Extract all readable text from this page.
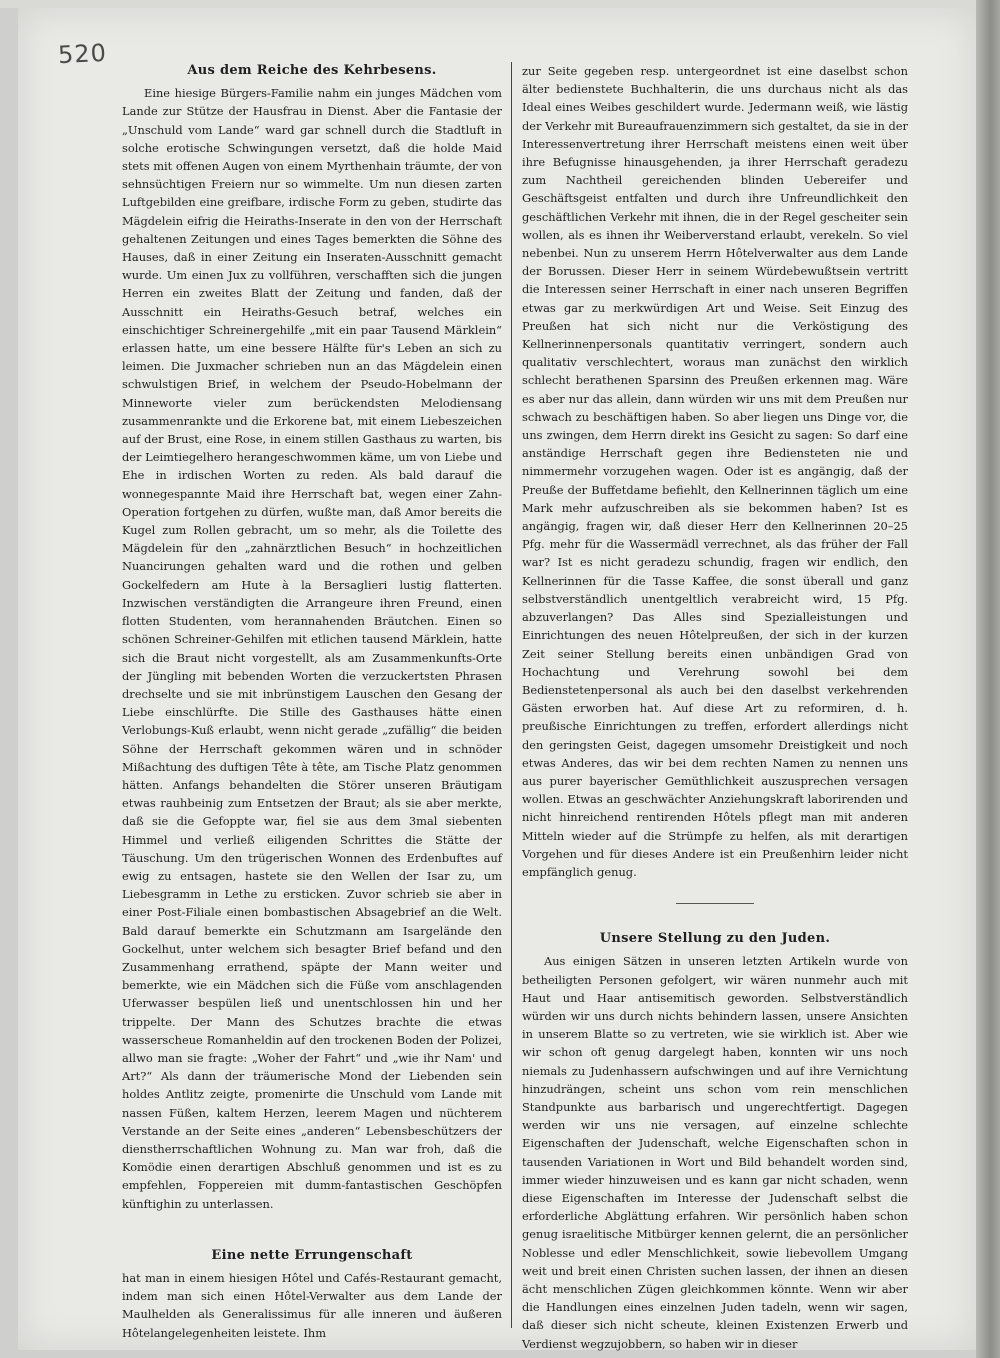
520
Aus dem Reiche des Kehrbesens.

Eine hiesige Bürgers-Familie nahm ein junges Mädchen vom Lande zur Stütze der Hausfrau in Dienst. Aber die Fantasie der „Unschuld vom Lande“ ward gar schnell durch die Stadtluft in solche erotische Schwingungen versetzt, daß die holde Maid stets mit offenen Augen von einem Myrthenhain träumte, der von sehnsüchtigen Freiern nur so wimmelte. Um nun diesen zarten Luftgebilden eine greifbare, irdische Form zu geben, studirte das Mägdelein eifrig die Heiraths-Inserate in den von der Herrschaft gehaltenen Zeitungen und eines Tages bemerkten die Söhne des Hauses, daß in einer Zeitung ein Inseraten-Ausschnitt gemacht wurde. Um einen Jux zu vollführen, verschafften sich die jungen Herren ein zweites Blatt der Zeitung und fanden, daß der Ausschnitt ein Heiraths-Gesuch betraf, welches ein einschichtiger Schreinergehilfe „mit ein paar Tausend Märklein“ erlassen hatte, um eine bessere Hälfte für's Leben an sich zu leimen. Die Juxmacher schrieben nun an das Mägdelein einen schwulstigen Brief, in welchem der Pseudo-Hobelmann der Minneworte vieler zum berückendsten Melodiensang zusammenrankte und die Erkorene bat, mit einem Liebeszeichen auf der Brust, eine Rose, in einem stillen Gasthaus zu warten, bis der Leimtiegelhero herangeschwommen käme, um von Liebe und Ehe in irdischen Worten zu reden. Als bald darauf die wonnegespannte Maid ihre Herrschaft bat, wegen einer Zahn-Operation fortgehen zu dürfen, wußte man, daß Amor bereits die Kugel zum Rollen gebracht, um so mehr, als die Toilette des Mägdelein für den „zahnärztlichen Besuch“ in hochzeitlichen Nuancirungen gehalten ward und die rothen und gelben Gockelfedern am Hute à la Bersaglieri lustig flatterten. Inzwischen verständigten die Arrangeure ihren Freund, einen flotten Studenten, vom herannahenden Bräutchen. Einen so schönen Schreiner-Gehilfen mit etlichen tausend Märklein, hatte sich die Braut nicht vorgestellt, als am Zusammenkunfts-Orte der Jüngling mit bebenden Worten die verzuckertsten Phrasen drechselte und sie mit inbrünstigem Lauschen den Gesang der Liebe einschlürfte. Die Stille des Gasthauses hätte einen Verlobungs-Kuß erlaubt, wenn nicht gerade „zufällig“ die beiden Söhne der Herrschaft gekommen wären und in schnöder Mißachtung des duftigen Tête à tête, am Tische Platz genommen hätten. Anfangs behandelten die Störer unseren Bräutigam etwas rauhbeinig zum Entsetzen der Braut; als sie aber merkte, daß sie die Gefoppte war, fiel sie aus dem 3mal siebenten Himmel und verließ eiligenden Schrittes die Stätte der Täuschung. Um den trügerischen Wonnen des Erdenbuftes auf ewig zu entsagen, hastete sie den Wellen der Isar zu, um Liebesgramm in Lethe zu ersticken. Zuvor schrieb sie aber in einer Post-Filiale einen bombastischen Absagebrief an die Welt. Bald darauf bemerkte ein Schutzmann am Isargelände den Gockelhut, unter welchem sich besagter Brief befand und den Zusammenhang errathend, späpte der Mann weiter und bemerkte, wie ein Mädchen sich die Füße vom anschlagenden Uferwasser bespülen ließ und unentschlossen hin und her trippelte. Der Mann des Schutzes brachte die etwas wasserscheue Romanheldin auf den trockenen Boden der Polizei, allwo man sie fragte: „Woher der Fahrt“ und „wie ihr Nam' und Art?“ Als dann der träumerische Mond der Liebenden sein holdes Antlitz zeigte, promenirte die Unschuld vom Lande mit nassen Füßen, kaltem Herzen, leerem Magen und nüchterem Verstande an der Seite eines „anderen“ Lebensbeschützers der dienstherrschaftlichen Wohnung zu. Man war froh, daß die Komödie einen derartigen Abschluß genommen und ist es zu empfehlen, Foppereien mit dumm-fantastischen Geschöpfen künftighin zu unterlassen.

Eine nette Errungenschaft

hat man in einem hiesigen Hôtel und Cafés-Restaurant gemacht, indem man sich einen Hôtel-Verwalter aus dem Lande der Maulhelden als Generalissimus für alle inneren und äußeren Hôtelangelegenheiten leistete. Ihm

zur Seite gegeben resp. untergeordnet ist eine daselbst schon älter bedienstete Buchhalterin, die uns durchaus nicht als das Ideal eines Weibes geschildert wurde. Jedermann weiß, wie lästig der Verkehr mit Bureaufrauenzimmern sich gestaltet, da sie in der Interessenvertretung ihrer Herrschaft meistens einen weit über ihre Befugnisse hinausgehenden, ja ihrer Herrschaft geradezu zum Nachtheil gereichenden blinden Uebereifer und Geschäftsgeist entfalten und durch ihre Unfreundlichkeit den geschäftlichen Verkehr mit ihnen, die in der Regel gescheiter sein wollen, als es ihnen ihr Weiberverstand erlaubt, verekeln. So viel nebenbei. Nun zu unserem Herrn Hôtelverwalter aus dem Lande der Borussen. Dieser Herr in seinem Würdebewußtsein vertritt die Interessen seiner Herrschaft in einer nach unseren Begriffen etwas gar zu merkwürdigen Art und Weise. Seit Einzug des Preußen hat sich nicht nur die Verköstigung des Kellnerinnenpersonals quantitativ verringert, sondern auch qualitativ verschlechtert, woraus man zunächst den wirklich schlecht berathenen Sparsinn des Preußen erkennen mag. Wäre es aber nur das allein, dann würden wir uns mit dem Preußen nur schwach zu beschäftigen haben. So aber liegen uns Dinge vor, die uns zwingen, dem Herrn direkt ins Gesicht zu sagen: So darf eine anständige Herrschaft gegen ihre Bediensteten nie und nimmermehr vorzugehen wagen. Oder ist es angängig, daß der Preuße der Buffetdame befiehlt, den Kellnerinnen täglich um eine Mark mehr aufzuschreiben als sie bekommen haben? Ist es angängig, fragen wir, daß dieser Herr den Kellnerinnen 20–25 Pfg. mehr für die Wassermädl verrechnet, als das früher der Fall war? Ist es nicht geradezu schundig, fragen wir endlich, den Kellnerinnen für die Tasse Kaffee, die sonst überall und ganz selbstverständlich unentgeltlich verabreicht wird, 15 Pfg. abzuverlangen? Das Alles sind Spezialleistungen und Einrichtungen des neuen Hôtelpreußen, der sich in der kurzen Zeit seiner Stellung bereits einen unbändigen Grad von Hochachtung und Verehrung sowohl bei dem Bedienstetenpersonal als auch bei den daselbst verkehrenden Gästen erworben hat. Auf diese Art zu reformiren, d. h. preußische Einrichtungen zu treffen, erfordert allerdings nicht den geringsten Geist, dagegen umsomehr Dreistigkeit und noch etwas Anderes, das wir bei dem rechten Namen zu nennen uns aus purer bayerischer Gemüthlichkeit auszusprechen versagen wollen. Etwas an geschwächter Anziehungskraft laborirenden und nicht hinreichend rentirenden Hôtels pflegt man mit anderen Mitteln wieder auf die Strümpfe zu helfen, als mit derartigen Vorgehen und für dieses Andere ist ein Preußenhirn leider nicht empfänglich genug.

Unsere Stellung zu den Juden.

Aus einigen Sätzen in unseren letzten Artikeln wurde von betheiligten Personen gefolgert, wir wären nunmehr auch mit Haut und Haar antisemitisch geworden. Selbstverständlich würden wir uns durch nichts behindern lassen, unsere Ansichten in unserem Blatte so zu vertreten, wie sie wirklich ist. Aber wie wir schon oft genug dargelegt haben, konnten wir uns noch niemals zu Judenhassern aufschwingen und auf ihre Vernichtung hinzudrängen, scheint uns schon vom rein menschlichen Standpunkte aus barbarisch und ungerechtfertigt. Dagegen werden wir uns nie versagen, auf einzelne schlechte Eigenschaften der Judenschaft, welche Eigenschaften schon in tausenden Variationen in Wort und Bild behandelt worden sind, immer wieder hinzuweisen und es kann gar nicht schaden, wenn diese Eigenschaften im Interesse der Judenschaft selbst die erforderliche Abglättung erfahren. Wir persönlich haben schon genug israelitische Mitbürger kennen gelernt, die an persönlicher Noblesse und edler Menschlichkeit, sowie liebevollem Umgang weit und breit einen Christen suchen lassen, der ihnen an diesen ächt menschlichen Zügen gleichkommen könnte. Wenn wir aber die Handlungen eines einzelnen Juden tadeln, wenn wir sagen, daß dieser sich nicht scheute, kleinen Existenzen Erwerb und Verdienst wegzujobbern, so haben wir in dieser
